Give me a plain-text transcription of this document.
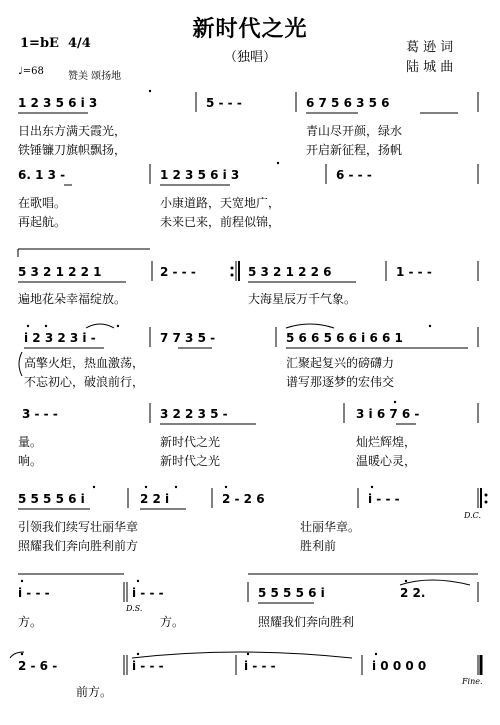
新时代之光
（独唱）
1=bE 4/4
♩=68 赞美 颂扬地
葛 逊 词
陆 城 曲
1 2 3 5 6 i 3	5 - - -	6 7 5 6 3 5 6
日出东方满天霞光，	青山尽开颜，绿水
铁锤镰刀旗帜飘扬，	开启新征程，扬帆
6. 1 3 -	1 2 3 5 6 i 3	6 - - -
在歌唱。	小康道路，天宽地广，
再起航。	未来已来，前程似锦，
5 3 2 1 2 2 1	2 - - -	5 3 2 1 2 2 6	1 - - -
遍地花朵幸福绽放。	大海星辰万千气象。
i 2 3 2 3 i -	7 7 3 5 -	5 6 6 5 6 6 i 6 6 1
高擎火炬，热血激荡，	汇聚起复兴的磅礴力
不忘初心，破浪前行，	谱写那逐梦的宏伟交
3 - - -	3 2 2 3 5 -	3 i 6 7 6 -
量。	新时代之光	灿烂辉煌，
响。	新时代之光	温暖心灵，
5 5 5 5 6 i	2 2 i	2 - 2 6	i - - -
引领我们续写壮丽华章	壮丽华章。
照耀我们奔向胜利前方	胜利前
D.C.
i - - -	i - - -	5 5 5 5 6 i	2 2.
方。	方。	照耀我们奔向胜利
D.S.
2 - 6 -	i - - -	i - - -	i 0 0 0 0
前方。
Fine.
